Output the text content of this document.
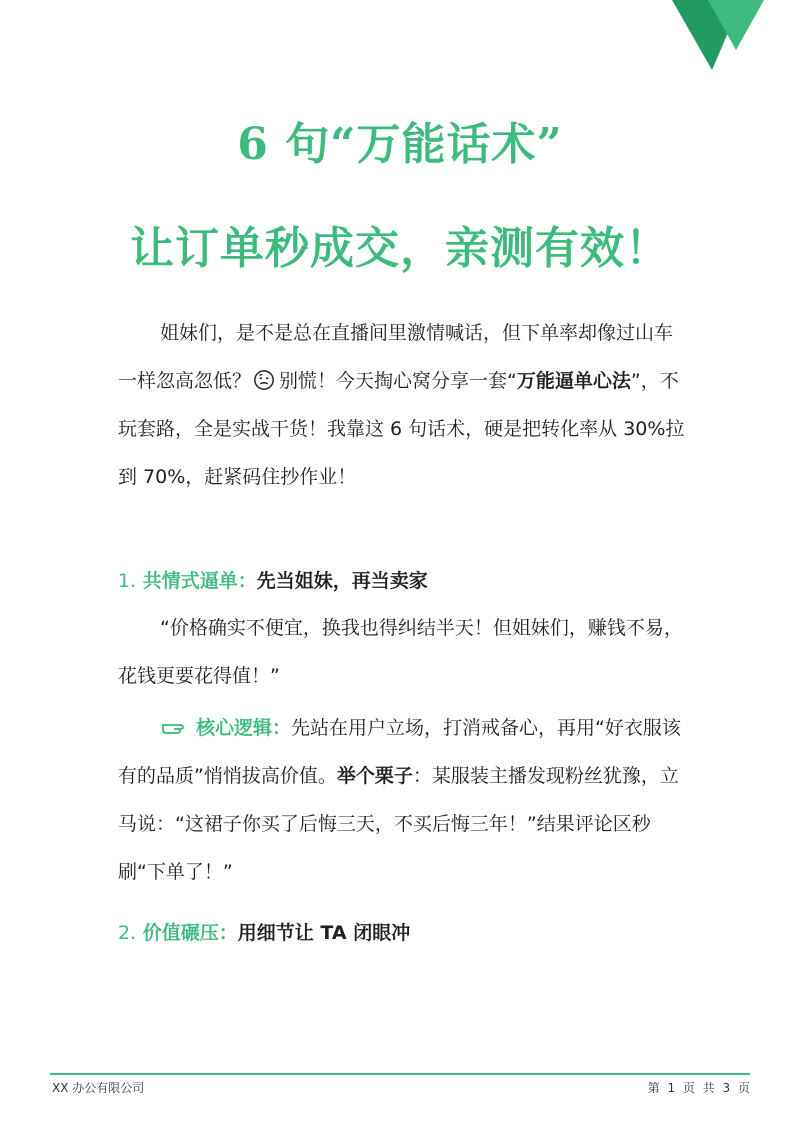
6 句“万能话术”
让订单秒成交，亲测有效！
姐妹们，是不是总在直播间里激情喊话，但下单率却像过山车一样忽高忽低？ 别慌！今天掏心窝分享一套“万能逼单心法”，不玩套路，全是实战干货！我靠这 6 句话术，硬是把转化率从 30%拉到 70%，赶紧码住抄作业！
1. 共情式逼单：先当姐妹，再当卖家
“价格确实不便宜，换我也得纠结半天！但姐妹们，赚钱不易，花钱更要花得值！”
核心逻辑：先站在用户立场，打消戒备心，再用“好衣服该有的品质”悄悄拔高价值。举个栗子：某服装主播发现粉丝犹豫，立马说：“这裙子你买了后悔三天，不买后悔三年！”结果评论区秒刷“下单了！”
2. 价值碾压：用细节让 TA 闭眼冲
XX 办公有限公司	第 1 页 共 3 页
